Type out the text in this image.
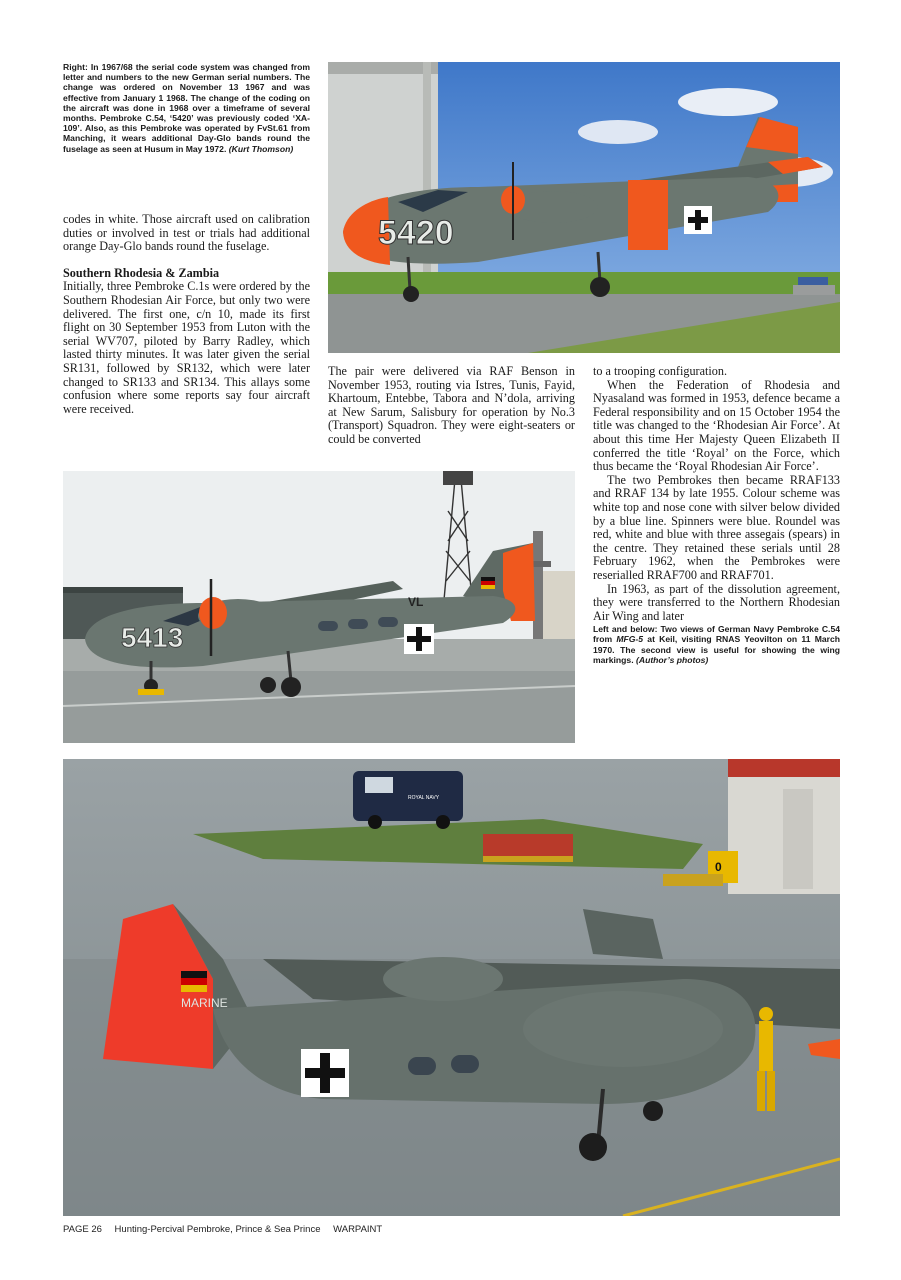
Right: In 1967/68 the serial code system was changed from letter and numbers to the new German serial numbers. The change was ordered on November 13 1967 and was effective from January 1 1968. The change of the coding on the aircraft was done in 1968 over a timeframe of several months. Pembroke C.54, ‘5420’ was previously coded ‘XA-109’. Also, as this Pembroke was operated by FvSt.61 from Manching, it wears additional Day-Glo bands round the fuselage as seen at Husum in May 1972. (Kurt Thomson)

codes in white. Those aircraft used on calibration duties or involved in test or trials had additional orange Day-Glo bands round the fuselage.

Southern Rhodesia & Zambia

Initially, three Pembroke C.1s were ordered by the Southern Rhodesian Air Force, but only two were delivered. The first one, c/n 10, made its first flight on 30 September 1953 from Luton with the serial WV707, piloted by Barry Radley, which lasted thirty minutes. It was later given the serial SR131, followed by SR132, which were later changed to SR133 and SR134. This allays some confusion where some reports say four aircraft were received.

The pair were delivered via RAF Benson in November 1953, routing via Istres, Tunis, Fayid, Khartoum, Entebbe, Tabora and N’dola, arriving at New Sarum, Salisbury for operation by No.3 (Transport) Squadron. They were eight-seaters or could be converted

to a trooping configuration.

When the Federation of Rhodesia and Nyasaland was formed in 1953, defence became a Federal responsibility and on 15 October 1954 the title was changed to the ‘Rhodesian Air Force’. At about this time Her Majesty Queen Elizabeth II conferred the title ‘Royal’ on the Force, which thus became the ‘Royal Rhodesian Air Force’.

The two Pembrokes then became RRAF133 and RRAF 134 by late 1955. Colour scheme was white top and nose cone with silver below divided by a blue line. Spinners were blue. Roundel was red, white and blue with three assegais (spears) in the centre. They retained these serials until 28 February 1962, when the Pembrokes were reserialled RRAF700 and RRAF701.

In 1963, as part of the dissolution agreement, they were transferred to the Northern Rhodesian Air Wing and later

Left and below: Two views of German Navy Pembroke C.54 from MFG-5 at Keil, visiting RNAS Yeovilton on 11 March 1970. The second view is useful for showing the wing markings. (Author’s photos)

5420
5413
VL
ROYAL NAVY
0
MARINE
PAGE 26 Hunting-Percival Pembroke, Prince & Sea Prince WARPAINT
